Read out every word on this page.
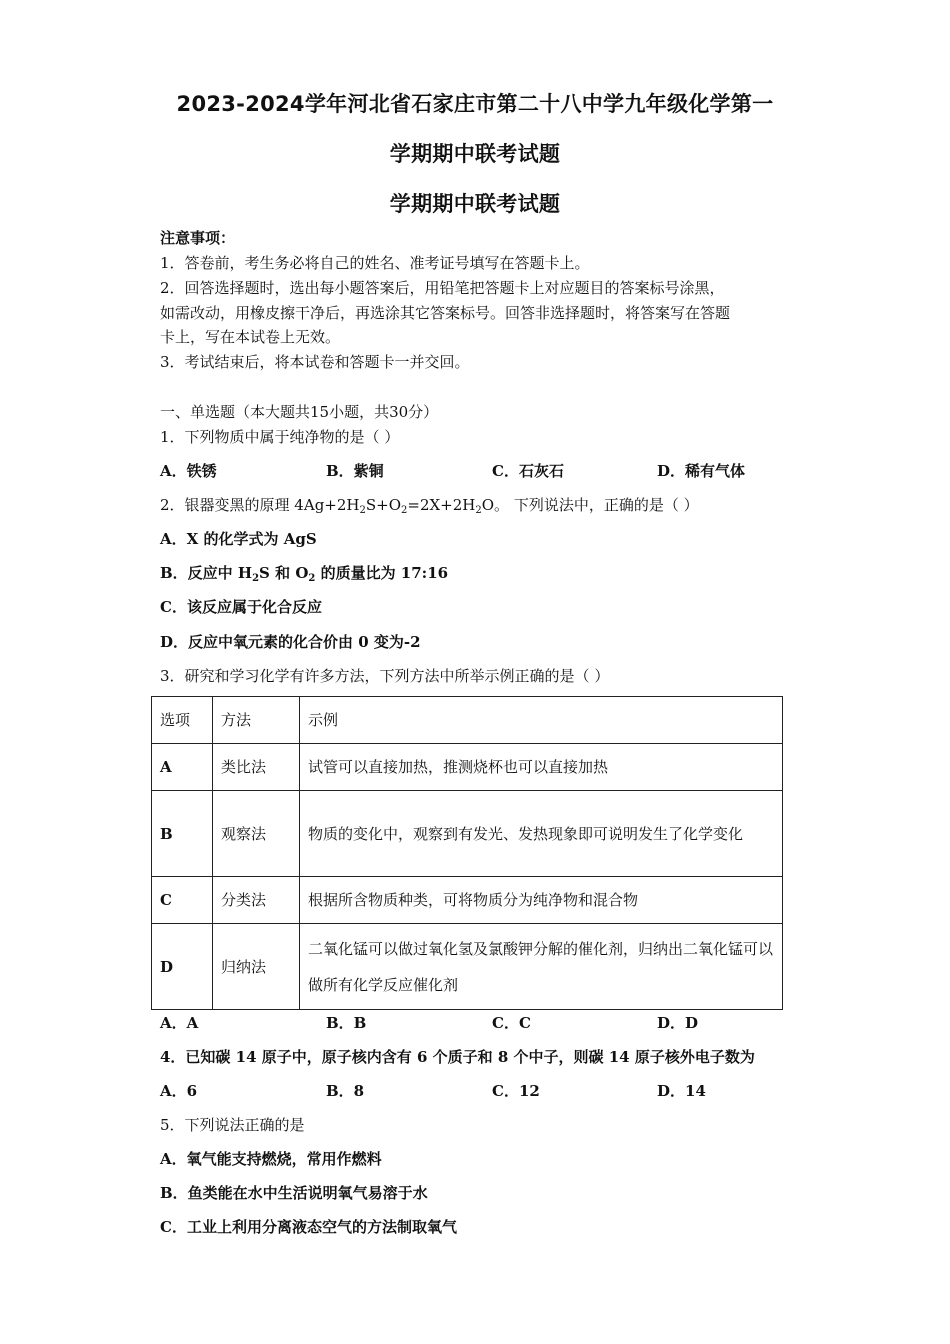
2023-2024学年河北省石家庄市第二十八中学九年级化学第一
学期期中联考试题
学期期中联考试题
注意事项：
1．答卷前，考生务必将自己的姓名、准考证号填写在答题卡上。
2．回答选择题时，选出每小题答案后，用铅笔把答题卡上对应题目的答案标号涂黑，
如需改动，用橡皮擦干净后，再选涂其它答案标号。回答非选择题时，将答案写在答题
卡上，写在本试卷上无效。
3．考试结束后，将本试卷和答题卡一并交回。
一、单选题（本大题共15小题，共30分）
1．下列物质中属于纯净物的是（ ）
A．铁锈	B．紫铜	C．石灰石	D．稀有气体
2．银器变黑的原理 $4Ag+2H_2S+O_2=2X+2H_2O$。 下列说法中，正确的是（ ）
A．X 的化学式为 AgS
B．反应中 $H_2S$ 和 $O_2$ 的质量比为 17:16
C．该反应属于化合反应
D．反应中氧元素的化合价由 0 变为-2
3．研究和学习化学有许多方法，下列方法中所举示例正确的是（ ）
选项	方法	示例
A	类比法	试管可以直接加热，推测烧杯也可以直接加热
B	观察法	物质的变化中，观察到有发光、发热现象即可说明发生了化学变化
C	分类法	根据所含物质种类，可将物质分为纯净物和混合物
D	归纳法	二氧化锰可以做过氧化氢及氯酸钾分解的催化剂，归纳出二氧化锰可以做所有化学反应催化剂
A．A	B．B	C．C	D．D
4．已知碳 14 原子中，原子核内含有 6 个质子和 8 个中子，则碳 14 原子核外电子数为
A．6	B．8	C．12	D．14
5．下列说法正确的是
A．氧气能支持燃烧，常用作燃料
B．鱼类能在水中生活说明氧气易溶于水
C．工业上利用分离液态空气的方法制取氧气
